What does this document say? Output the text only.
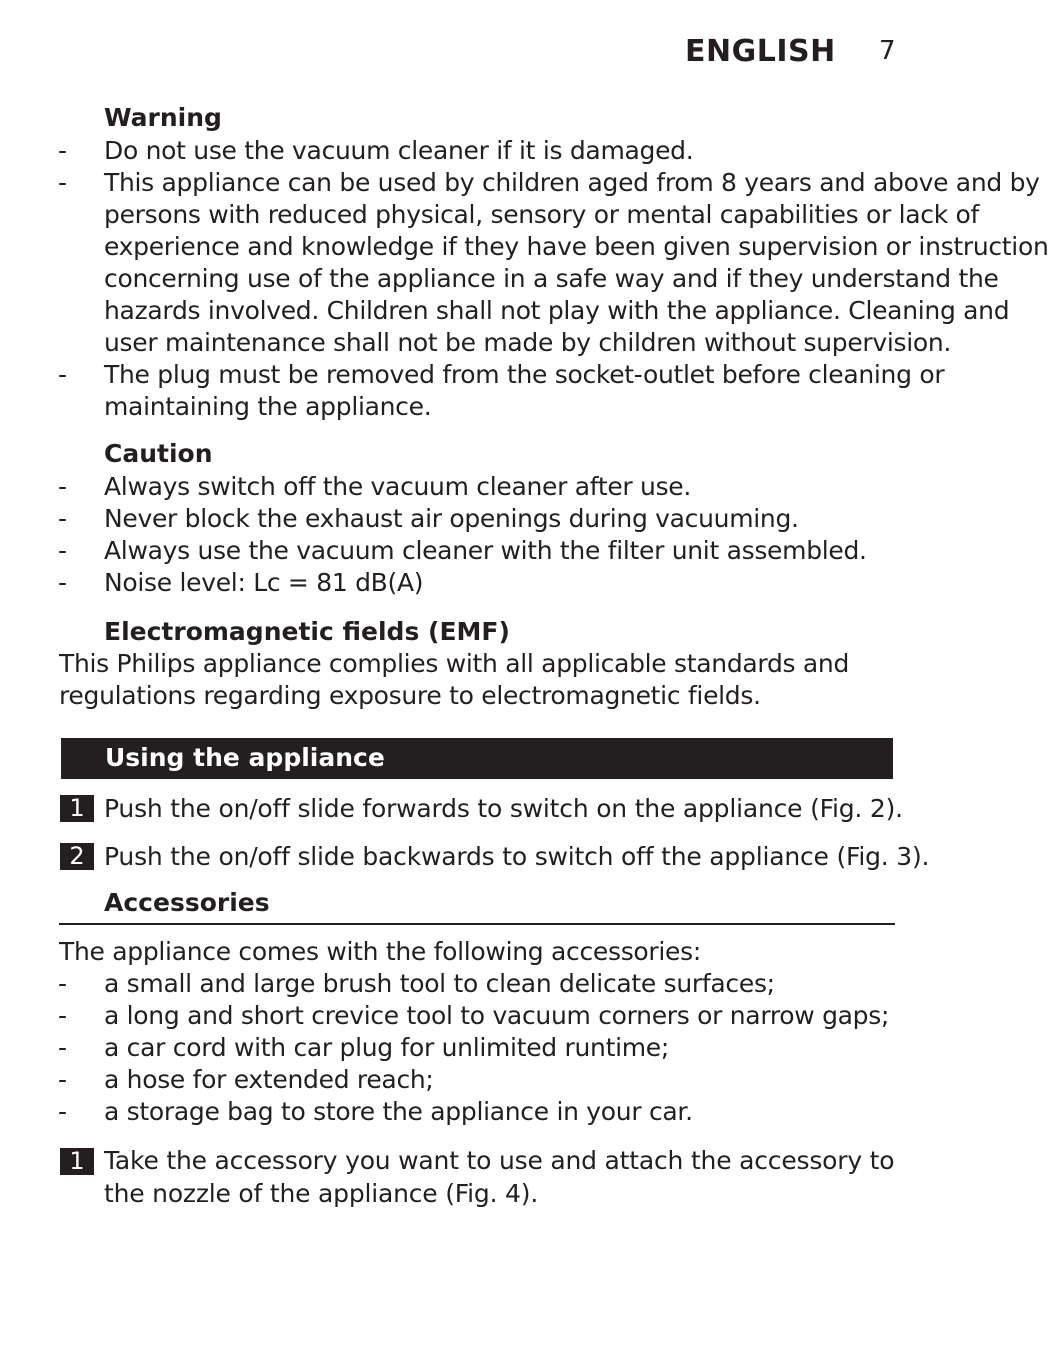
ENGLISH 7
Warning
- Do not use the vacuum cleaner if it is damaged.
- This appliance can be used by children aged from 8 years and above and by
persons with reduced physical, sensory or mental capabilities or lack of
experience and knowledge if they have been given supervision or instruction
concerning use of the appliance in a safe way and if they understand the
hazards involved. Children shall not play with the appliance. Cleaning and
user maintenance shall not be made by children without supervision.
- The plug must be removed from the socket-outlet before cleaning or
maintaining the appliance.
Caution
- Always switch off the vacuum cleaner after use.
- Never block the exhaust air openings during vacuuming.
- Always use the vacuum cleaner with the filter unit assembled.
- Noise level: Lc = 81 dB(A)
Electromagnetic fields (EMF)
This Philips appliance complies with all applicable standards and
regulations regarding exposure to electromagnetic fields.
Using the appliance
1 Push the on/off slide forwards to switch on the appliance (Fig. 2).
2 Push the on/off slide backwards to switch off the appliance (Fig. 3).
Accessories
The appliance comes with the following accessories:
- a small and large brush tool to clean delicate surfaces;
- a long and short crevice tool to vacuum corners or narrow gaps;
- a car cord with car plug for unlimited runtime;
- a hose for extended reach;
- a storage bag to store the appliance in your car.
1 Take the accessory you want to use and attach the accessory to
the nozzle of the appliance (Fig. 4).
